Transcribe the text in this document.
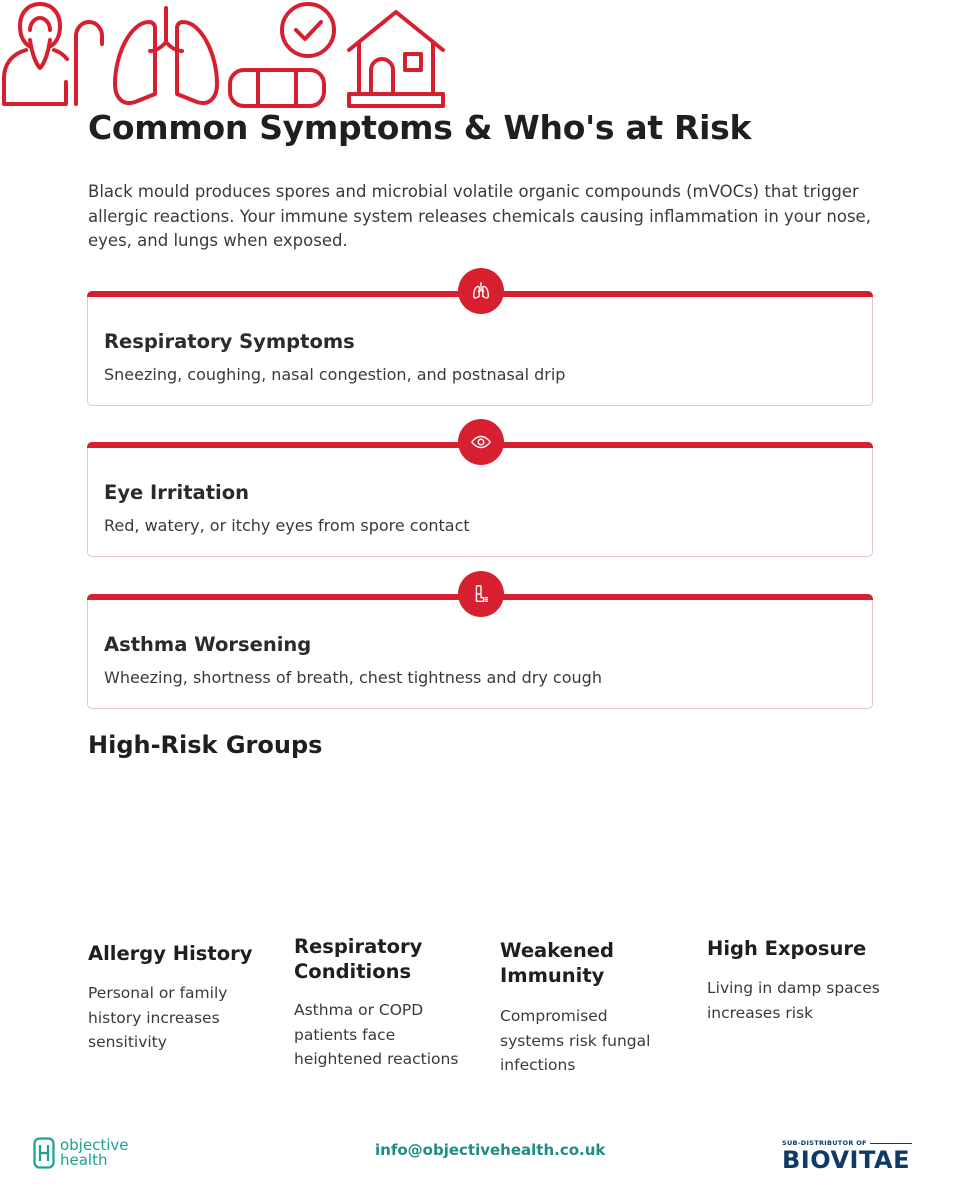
Common Symptoms & Who's at Risk

Black mould produces spores and microbial volatile organic compounds (mVOCs) that trigger allergic reactions. Your immune system releases chemicals causing inflammation in your nose, eyes, and lungs when exposed.

Respiratory Symptoms
Sneezing, coughing, nasal congestion, and postnasal drip
Eye Irritation
Red, watery, or itchy eyes from spore contact
Asthma Worsening
Wheezing, shortness of breath, chest tightness and dry cough
High-Risk Groups

Allergy History
Personal or family history increases sensitivity

Respiratory Conditions
Asthma or COPD patients face heightened reactions

Weakened Immunity
Compromised systems risk fungal infections
High Exposure
Living in damp spaces increases risk
objective
health
info@objectivehealth.co.uk	SUB-DISTRIBUTOR OF
BIOVITAE
